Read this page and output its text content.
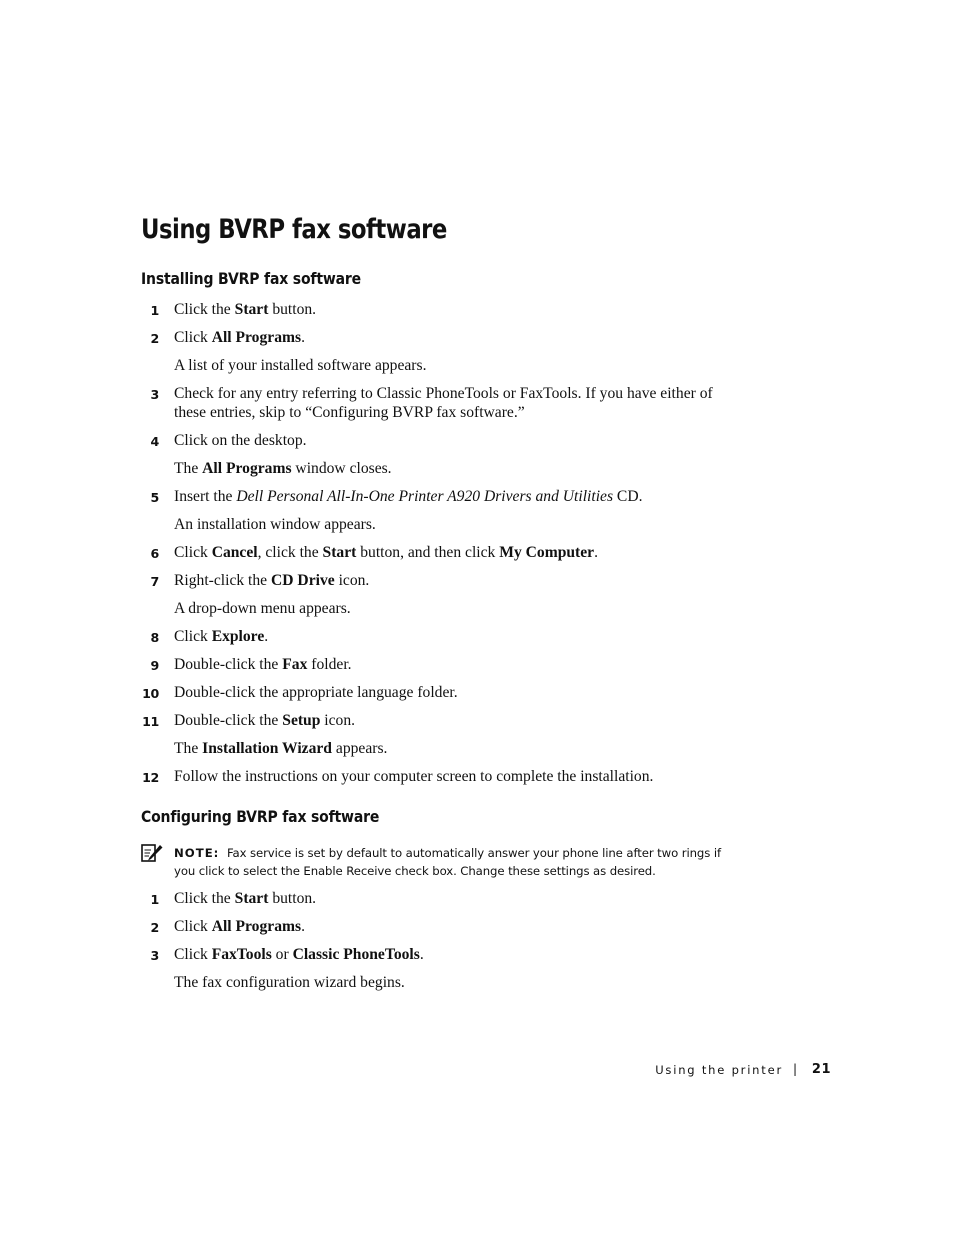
Using BVRP fax software
Installing BVRP fax software
1 Click the Start button.
2 Click All Programs.
A list of your installed software appears.
3 Check for any entry referring to Classic PhoneTools or FaxTools. If you have either of
these entries, skip to “Configuring BVRP fax software.”
4 Click on the desktop.
The All Programs window closes.
5 Insert the Dell Personal All-In-One Printer A920 Drivers and Utilities CD.
An installation window appears.
6 Click Cancel, click the Start button, and then click My Computer.
7 Right-click the CD Drive icon.
A drop-down menu appears.
8 Click Explore.
9 Double-click the Fax folder.
10 Double-click the appropriate language folder.
11 Double-click the Setup icon.
The Installation Wizard appears.
12 Follow the instructions on your computer screen to complete the installation.
Configuring BVRP fax software
NOTE: Fax service is set by default to automatically answer your phone line after two rings if
you click to select the Enable Receive check box. Change these settings as desired.
1 Click the Start button.
2 Click All Programs.
3 Click FaxTools or Classic PhoneTools.
The fax configuration wizard begins.
Using the printer | 21
